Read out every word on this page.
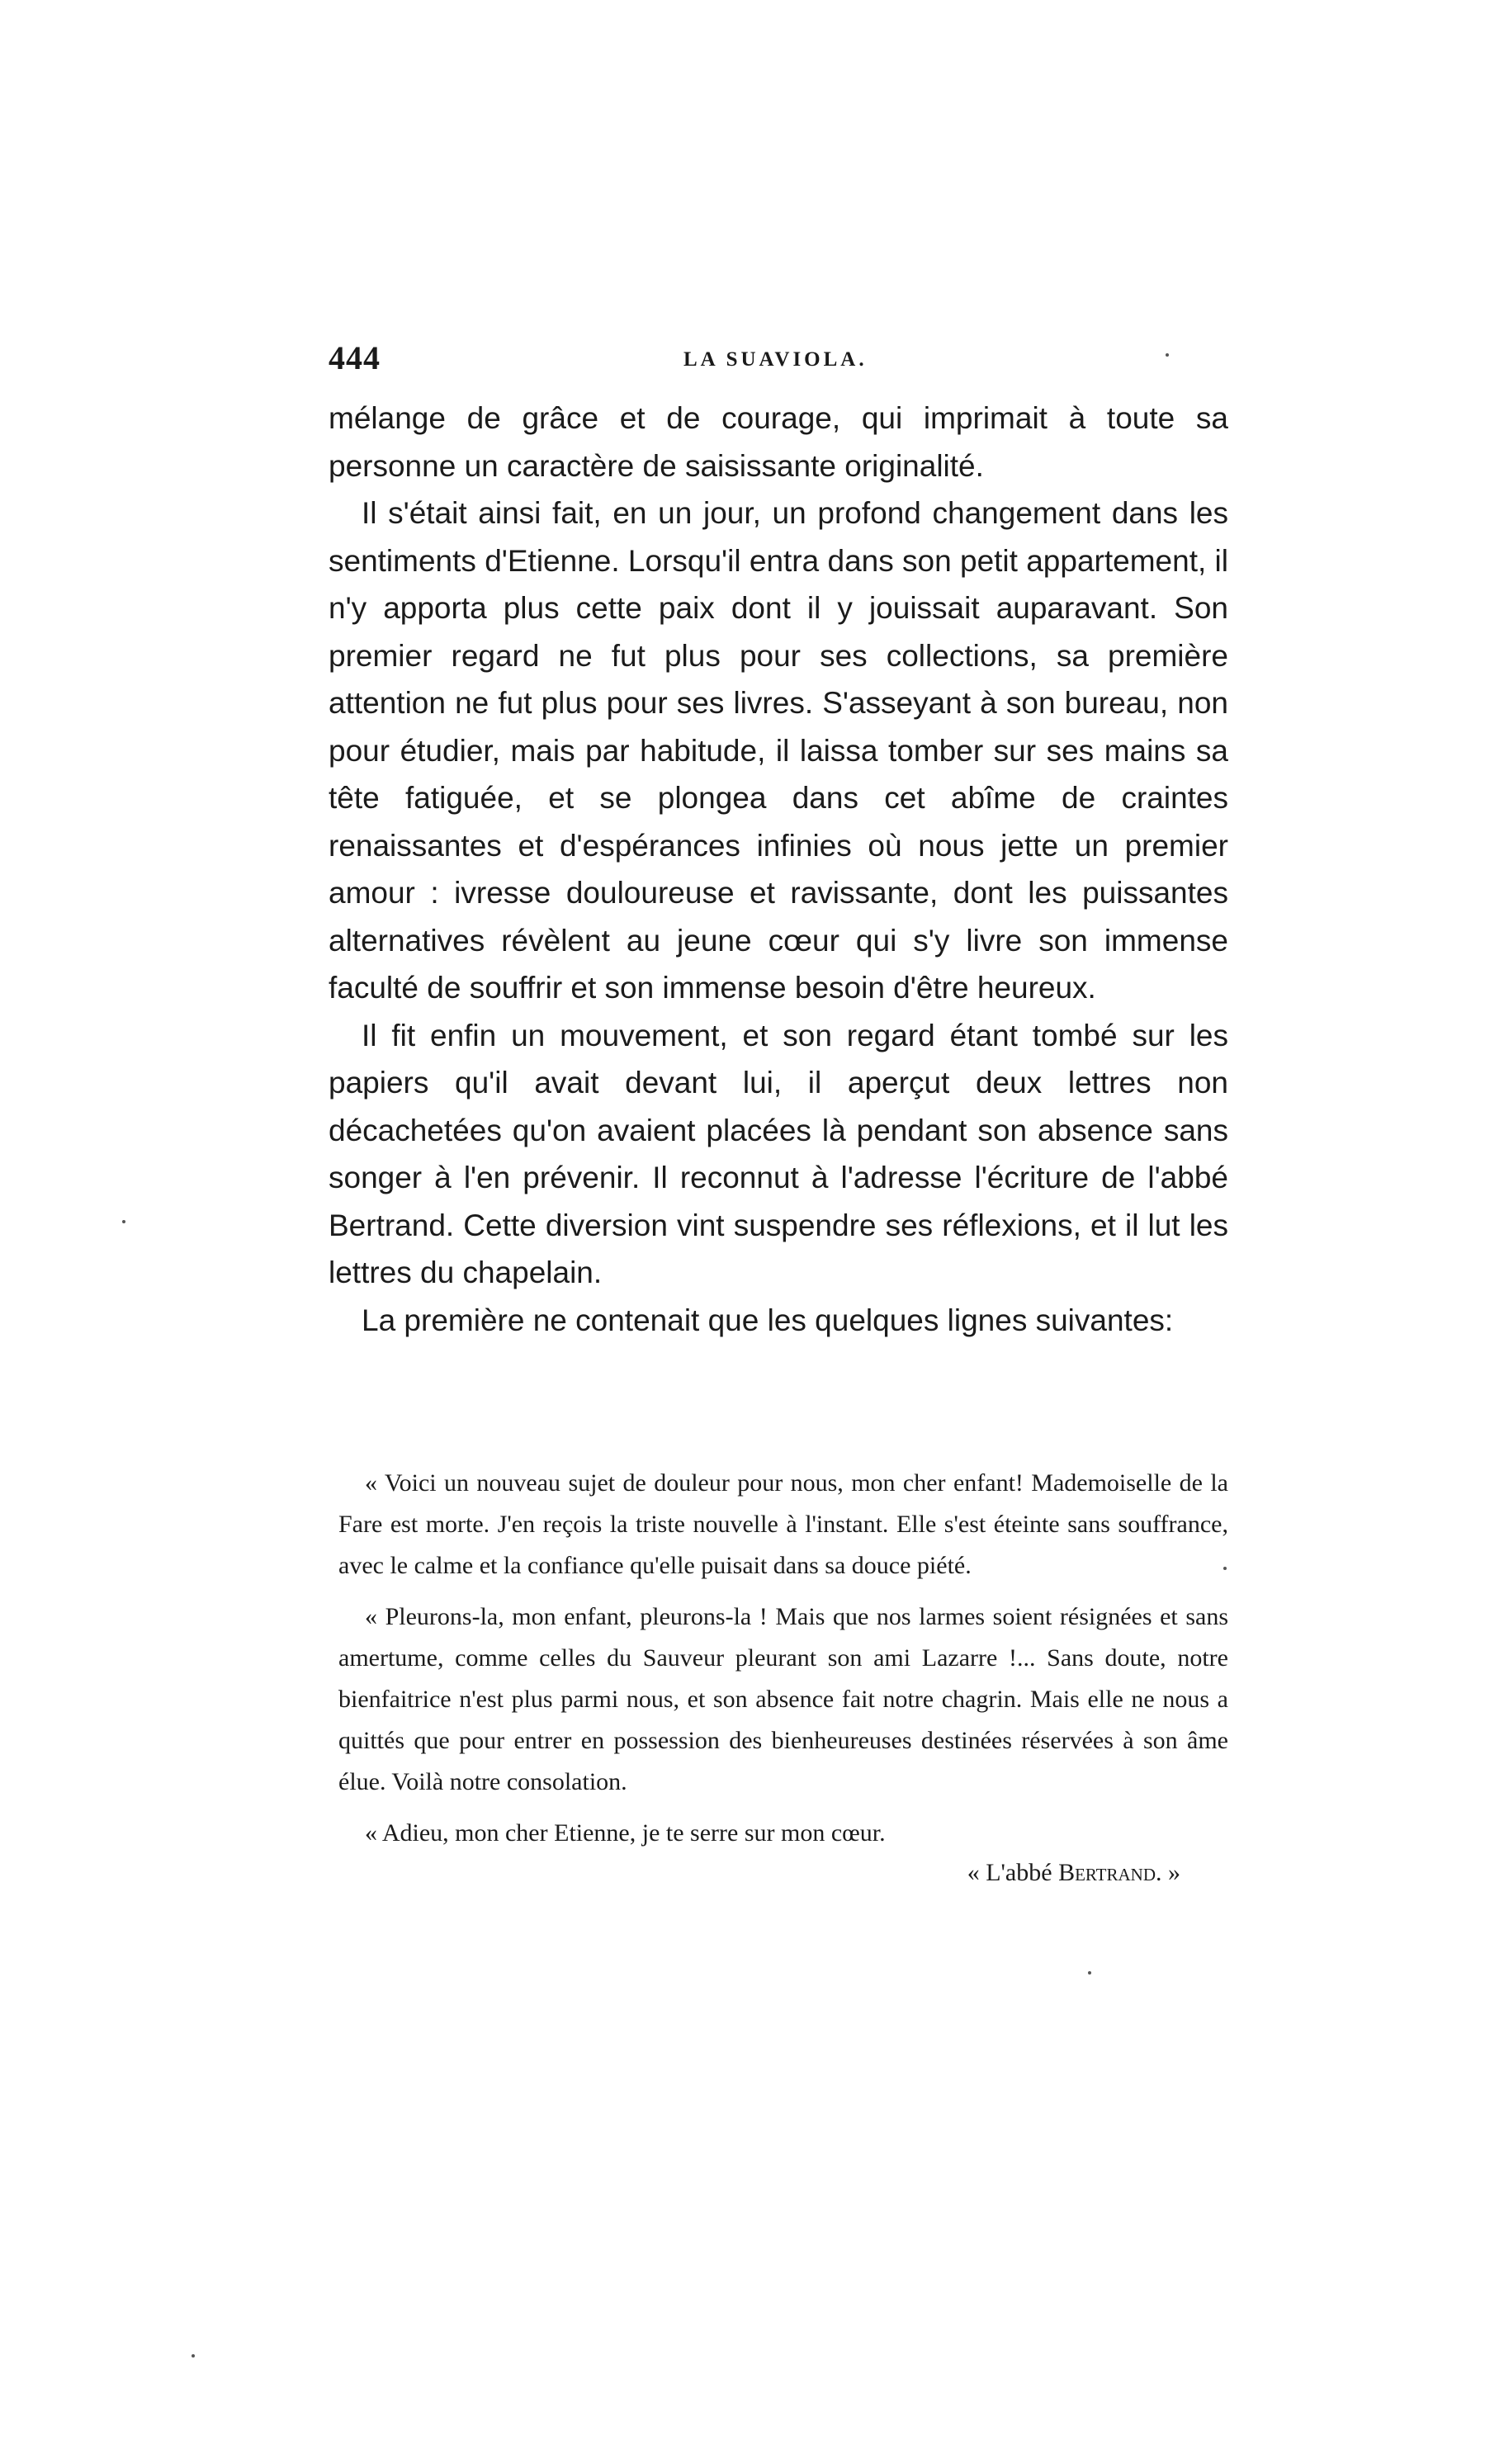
444	LA SUAVIOLA.

mélange de grâce et de courage, qui imprimait à toute sa personne un caractère de saisissante originalité.

Il s'était ainsi fait, en un jour, un profond changement dans les sentiments d'Etienne. Lorsqu'il entra dans son petit appartement, il n'y apporta plus cette paix dont il y jouissait auparavant. Son premier regard ne fut plus pour ses collections, sa première attention ne fut plus pour ses livres. S'asseyant à son bureau, non pour étudier, mais par habitude, il laissa tomber sur ses mains sa tête fatiguée, et se plongea dans cet abîme de craintes renaissantes et d'espérances infinies où nous jette un premier amour : ivresse douloureuse et ravissante, dont les puissantes alternatives révèlent au jeune cœur qui s'y livre son immense faculté de souffrir et son immense besoin d'être heureux.

Il fit enfin un mouvement, et son regard étant tombé sur les papiers qu'il avait devant lui, il aperçut deux lettres non décachetées qu'on avaient placées là pendant son absence sans songer à l'en prévenir. Il reconnut à l'adresse l'écriture de l'abbé Bertrand. Cette diversion vint suspendre ses réflexions, et il lut les lettres du chapelain.

La première ne contenait que les quelques lignes suivantes:

« Voici un nouveau sujet de douleur pour nous, mon cher enfant! Mademoiselle de la Fare est morte. J'en reçois la triste nouvelle à l'instant. Elle s'est éteinte sans souffrance, avec le calme et la confiance qu'elle puisait dans sa douce piété.

« Pleurons-la, mon enfant, pleurons-la ! Mais que nos larmes soient résignées et sans amertume, comme celles du Sauveur pleurant son ami Lazarre !... Sans doute, notre bienfaitrice n'est plus parmi nous, et son absence fait notre chagrin. Mais elle ne nous a quittés que pour entrer en possession des bienheureuses destinées réservées à son âme élue. Voilà notre consolation.

« Adieu, mon cher Etienne, je te serre sur mon cœur.

« L'abbé Bertrand. »
